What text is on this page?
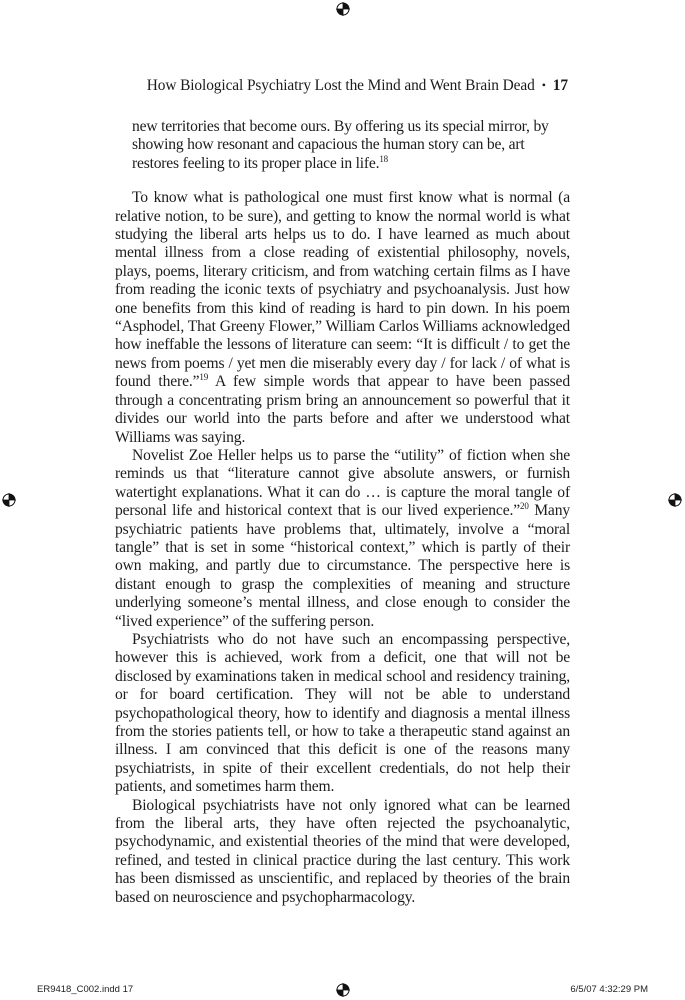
How Biological Psychiatry Lost the Mind and Went Brain Dead • 17

new territories that become ours. By offering us its special mirror, by showing how resonant and capacious the human story can be, art restores feeling to its proper place in life.$^{18}$

To know what is pathological one must first know what is normal (a relative notion, to be sure), and getting to know the normal world is what studying the liberal arts helps us to do. I have learned as much about mental illness from a close reading of existential philosophy, novels, plays, poems, literary criticism, and from watching certain films as I have from reading the iconic texts of psychiatry and psychoanalysis. Just how one benefits from this kind of reading is hard to pin down. In his poem “Asphodel, That Greeny Flower,” William Carlos Williams acknowledged how ineffable the lessons of literature can seem: “It is difficult / to get the news from poems / yet men die miserably every day / for lack / of what is found there.”$^{19}$ A few simple words that appear to have been passed through a concentrating prism bring an announcement so powerful that it divides our world into the parts before and after we understood what Williams was saying.

Novelist Zoe Heller helps us to parse the “utility” of fiction when she reminds us that “literature cannot give absolute answers, or furnish watertight explanations. What it can do … is capture the moral tangle of personal life and historical context that is our lived experience.”$^{20}$ Many psychiatric patients have problems that, ultimately, involve a “moral tangle” that is set in some “historical context,” which is partly of their own making, and partly due to circumstance. The perspective here is distant enough to grasp the complexities of meaning and structure underlying someone’s mental illness, and close enough to consider the “lived experience” of the suffering person.

Psychiatrists who do not have such an encompassing perspective, however this is achieved, work from a deficit, one that will not be disclosed by examinations taken in medical school and residency training, or for board certification. They will not be able to understand psychopathological theory, how to identify and diagnosis a mental illness from the stories patients tell, or how to take a therapeutic stand against an illness. I am convinced that this deficit is one of the reasons many psychiatrists, in spite of their excellent credentials, do not help their patients, and sometimes harm them.

Biological psychiatrists have not only ignored what can be learned from the liberal arts, they have often rejected the psychoanalytic, psychodynamic, and existential theories of the mind that were developed, refined, and tested in clinical practice during the last century. This work has been dismissed as unscientific, and replaced by theories of the brain based on neuroscience and psychopharmacology.

ER9418_C002.indd 17	6/5/07 4:32:29 PM
